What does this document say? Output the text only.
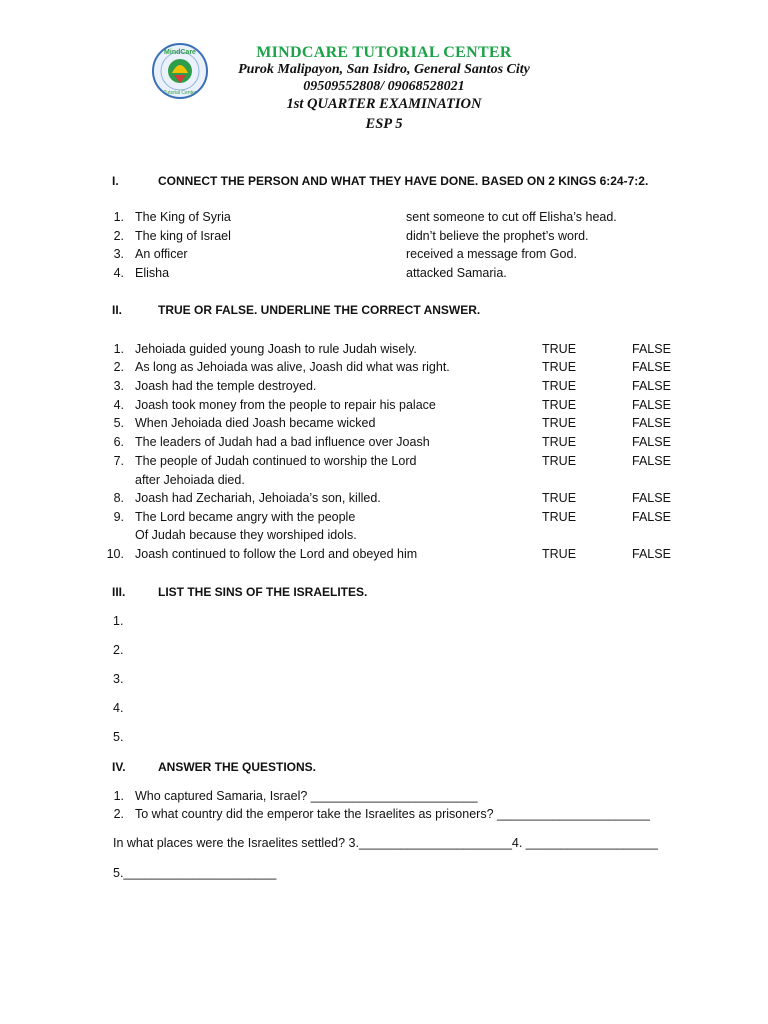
MindCare
Tutorial Center
MINDCARE TUTORIAL CENTER
Purok Malipayon, San Isidro, General Santos City
09509552808/ 09068528021
1st QUARTER EXAMINATION
ESP 5
I.	CONNECT THE PERSON AND WHAT THEY HAVE DONE. BASED ON 2 KINGS 6:24-7:2.
1. The King of Syria	sent someone to cut off Elisha’s head.
2. The king of Israel	didn’t believe the prophet’s word.
3. An officer	received a message from God.
4. Elisha	attacked Samaria.
II.	TRUE OR FALSE. UNDERLINE THE CORRECT ANSWER.
1. Jehoiada guided young Joash to rule Judah wisely.	TRUE	FALSE
2. As long as Jehoiada was alive, Joash did what was right.	TRUE	FALSE
3. Joash had the temple destroyed.	TRUE	FALSE
4. Joash took money from the people to repair his palace	TRUE	FALSE
5. When Jehoiada died Joash became wicked	TRUE	FALSE
6. The leaders of Judah had a bad influence over Joash	TRUE	FALSE
7. The people of Judah continued to worship the Lord
after Jehoiada died.
TRUE	FALSE
8. Joash had Zechariah, Jehoiada’s son, killed.	TRUE	FALSE
9. The Lord became angry with the people
Of Judah because they worshiped idols.
TRUE	FALSE
10. Joash continued to follow the Lord and obeyed him	TRUE	FALSE
III.	LIST THE SINS OF THE ISRAELITES.
1.
2.
3.
4.
5.
IV.	ANSWER THE QUESTIONS.
1. Who captured Samaria, Israel? ________________________
2. To what country did the emperor take the Israelites as prisoners? ______________________
In what places were the Israelites settled? 3.______________________4. ___________________
5.______________________
